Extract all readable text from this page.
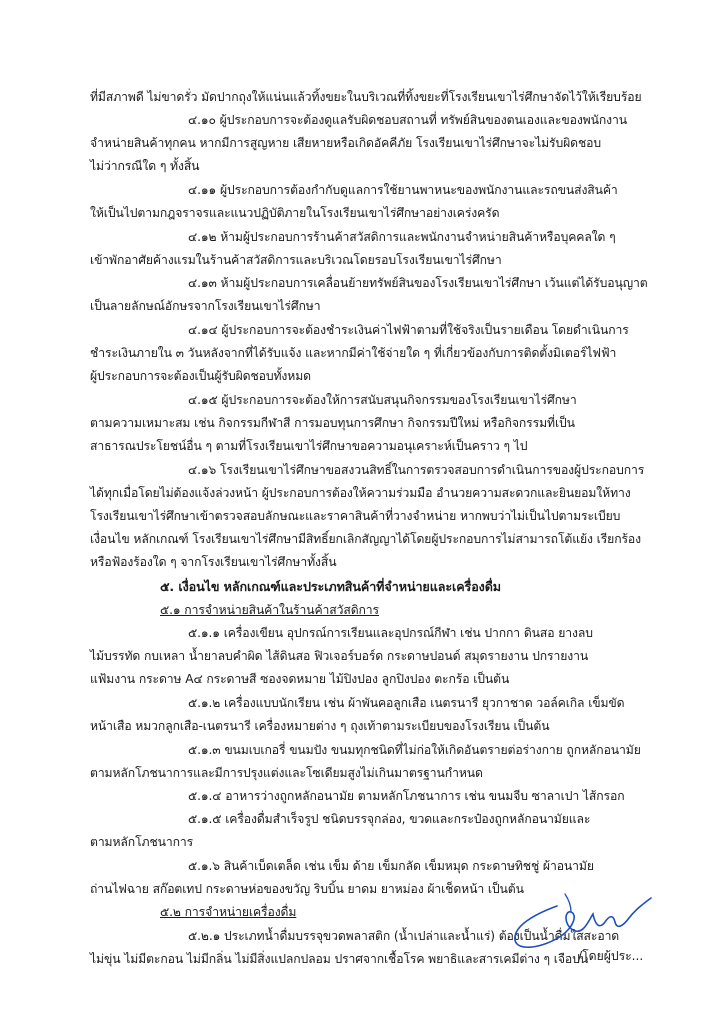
ที่มีสภาพดี ไม่ขาดรั่ว มัดปากถุงให้แน่นแล้วทิ้งขยะในบริเวณที่ทิ้งขยะที่โรงเรียนเขาไร่ศึกษาจัดไว้ให้เรียบร้อย
๔.๑๐ ผู้ประกอบการจะต้องดูแลรับผิดชอบสถานที่ ทรัพย์สินของตนเองและของพนักงาน
จำหน่ายสินค้าทุกคน หากมีการสูญหาย เสียหายหรือเกิดอัคคีภัย โรงเรียนเขาไร่ศึกษาจะไม่รับผิดชอบ
ไม่ว่ากรณีใด ๆ ทั้งสิ้น
๔.๑๑ ผู้ประกอบการต้องกำกับดูแลการใช้ยานพาหนะของพนักงานและรถขนส่งสินค้า
ให้เป็นไปตามกฎจราจรและแนวปฏิบัติภายในโรงเรียนเขาไร่ศึกษาอย่างเคร่งครัด
๔.๑๒ ห้ามผู้ประกอบการร้านค้าสวัสดิการและพนักงานจำหน่ายสินค้าหรือบุคคลใด ๆ
เข้าพักอาศัยค้างแรมในร้านค้าสวัสดิการและบริเวณโดยรอบโรงเรียนเขาไร่ศึกษา
๔.๑๓ ห้ามผู้ประกอบการเคลื่อนย้ายทรัพย์สินของโรงเรียนเขาไร่ศึกษา เว้นแต่ได้รับอนุญาต
เป็นลายลักษณ์อักษรจากโรงเรียนเขาไร่ศึกษา
๔.๑๔ ผู้ประกอบการจะต้องชำระเงินค่าไฟฟ้าตามที่ใช้จริงเป็นรายเดือน โดยดำเนินการ
ชำระเงินภายใน ๓ วันหลังจากที่ได้รับแจ้ง และหากมีค่าใช้จ่ายใด ๆ ที่เกี่ยวข้องกับการติดตั้งมิเตอร์ไฟฟ้า
ผู้ประกอบการจะต้องเป็นผู้รับผิดชอบทั้งหมด
๔.๑๕ ผู้ประกอบการจะต้องให้การสนับสนุนกิจกรรมของโรงเรียนเขาไร่ศึกษา
ตามความเหมาะสม เช่น กิจกรรมกีฬาสี การมอบทุนการศึกษา กิจกรรมปีใหม่ หรือกิจกรรมที่เป็น
สาธารณประโยชน์อื่น ๆ ตามที่โรงเรียนเขาไร่ศึกษาขอความอนุเคราะห์เป็นคราว ๆ ไป
๔.๑๖ โรงเรียนเขาไร่ศึกษาขอสงวนสิทธิ์ในการตรวจสอบการดำเนินการของผู้ประกอบการ
ได้ทุกเมื่อโดยไม่ต้องแจ้งล่วงหน้า ผู้ประกอบการต้องให้ความร่วมมือ อำนวยความสะดวกและยินยอมให้ทาง
โรงเรียนเขาไร่ศึกษาเข้าตรวจสอบลักษณะและราคาสินค้าที่วางจำหน่าย หากพบว่าไม่เป็นไปตามระเบียบ
เงื่อนไข หลักเกณฑ์ โรงเรียนเขาไร่ศึกษามีสิทธิ์ยกเลิกสัญญาได้โดยผู้ประกอบการไม่สามารถโต้แย้ง เรียกร้อง
หรือฟ้องร้องใด ๆ จากโรงเรียนเขาไร่ศึกษาทั้งสิ้น
๕. เงื่อนไข หลักเกณฑ์และประเภทสินค้าที่จำหน่ายและเครื่องดื่ม
๕.๑ การจำหน่ายสินค้าในร้านค้าสวัสดิการ
๕.๑.๑ เครื่องเขียน อุปกรณ์การเรียนและอุปกรณ์กีฬา เช่น ปากกา ดินสอ ยางลบ
ไม้บรรทัด กบเหลา น้ำยาลบคำผิด ไส้ดินสอ ฟิวเจอร์บอร์ด กระดาษปอนด์ สมุดรายงาน ปกรายงาน
แฟ้มงาน กระดาษ A๔ กระดาษสี ซองจดหมาย ไม้ปิงปอง ลูกปิงปอง ตะกร้อ เป็นต้น
๕.๑.๒ เครื่องแบบนักเรียน เช่น ผ้าพันคอลูกเสือ เนตรนารี ยุวกาชาด วอล์คเกิล เข็มขัด
หน้าเสือ หมวกลูกเสือ-เนตรนารี เครื่องหมายต่าง ๆ ถุงเท้าตามระเบียบของโรงเรียน เป็นต้น
๕.๑.๓ ขนมเบเกอรี่ ขนมปัง ขนมทุกชนิดที่ไม่ก่อให้เกิดอันตรายต่อร่างกาย ถูกหลักอนามัย
ตามหลักโภชนาการและมีการปรุงแต่งและโซเดียมสูงไม่เกินมาตรฐานกำหนด
๕.๑.๔ อาหารว่างถูกหลักอนามัย ตามหลักโภชนาการ เช่น ขนมจีบ ซาลาเปา ไส้กรอก
๕.๑.๕ เครื่องดื่มสำเร็จรูป ชนิดบรรจุกล่อง, ขวดและกระป๋องถูกหลักอนามัยและ
ตามหลักโภชนาการ
๕.๑.๖ สินค้าเบ็ดเตล็ด เช่น เข็ม ด้าย เข็มกลัด เข็มหมุด กระดาษทิชชู่ ผ้าอนามัย
ถ่านไฟฉาย สก๊อตเทป กระดาษห่อของขวัญ ริบบิ้น ยาดม ยาหม่อง ผ้าเช็ดหน้า เป็นต้น
๕.๒ การจำหน่ายเครื่องดื่ม
๕.๒.๑ ประเภทน้ำดื่มบรรจุขวดพลาสติก (น้ำเปล่าและน้ำแร่) ต้องเป็นน้ำดื่มใสสะอาด
ไม่ขุ่น ไม่มีตะกอน ไม่มีกลิ่น ไม่มีสิ่งแปลกปลอม ปราศจากเชื้อโรค พยาธิและสารเคมีต่าง ๆ เจือปน
/โดยผู้ประ...
